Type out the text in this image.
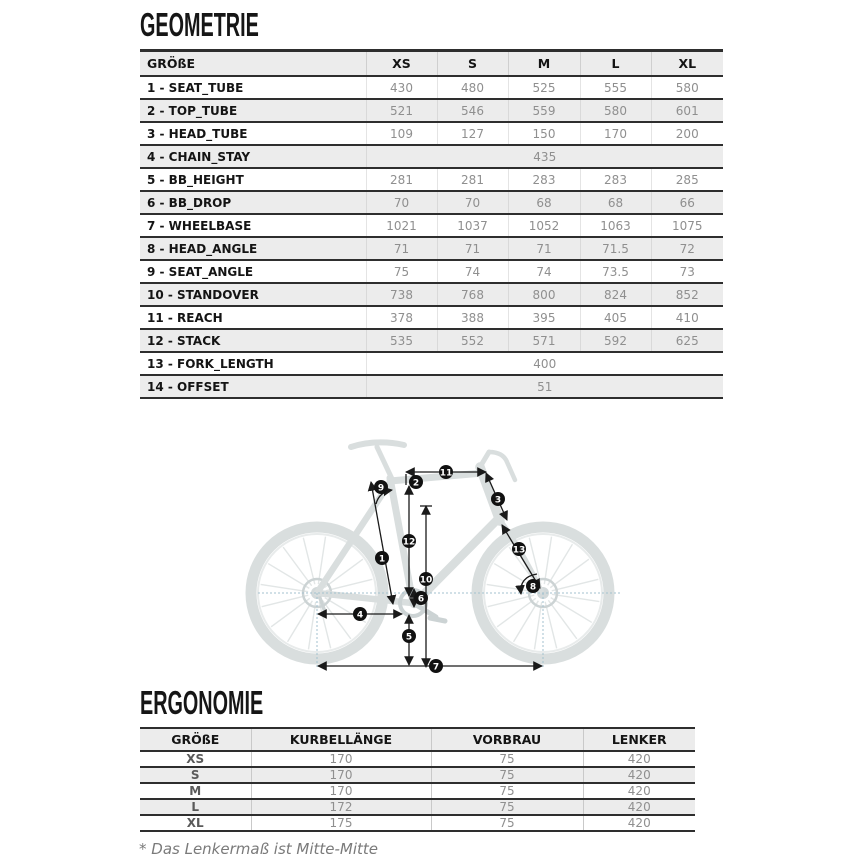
GEOMETRIE
GRÖßE	XS	S	M	L	XL
1 - SEAT_TUBE	430	480	525	555	580
2 - TOP_TUBE	521	546	559	580	601
3 - HEAD_TUBE	109	127	150	170	200
4 - CHAIN_STAY	435				
5 - BB_HEIGHT	281	281	283	283	285
6 - BB_DROP	70	70	68	68	66
7 - WHEELBASE	1021	1037	1052	1063	1075
8 - HEAD_ANGLE	71	71	71	71.5	72
9 - SEAT_ANGLE	75	74	74	73.5	73
10 - STANDOVER	738	768	800	824	852
11 - REACH	378	388	395	405	410
12 - STACK	535	552	571	592	625
13 - FORK_LENGTH	400				
14 - OFFSET	51				
1
2
3
4
5
6
7
8
9
10
11
12
13
ERGONOMIE
GRÖßE	KURBELLÄNGE	VORBRAU	LENKER
XS	170	75	420
S	170	75	420
M	170	75	420
L	172	75	420
XL	175	75	420

* Das Lenkermaß ist Mitte-Mitte
